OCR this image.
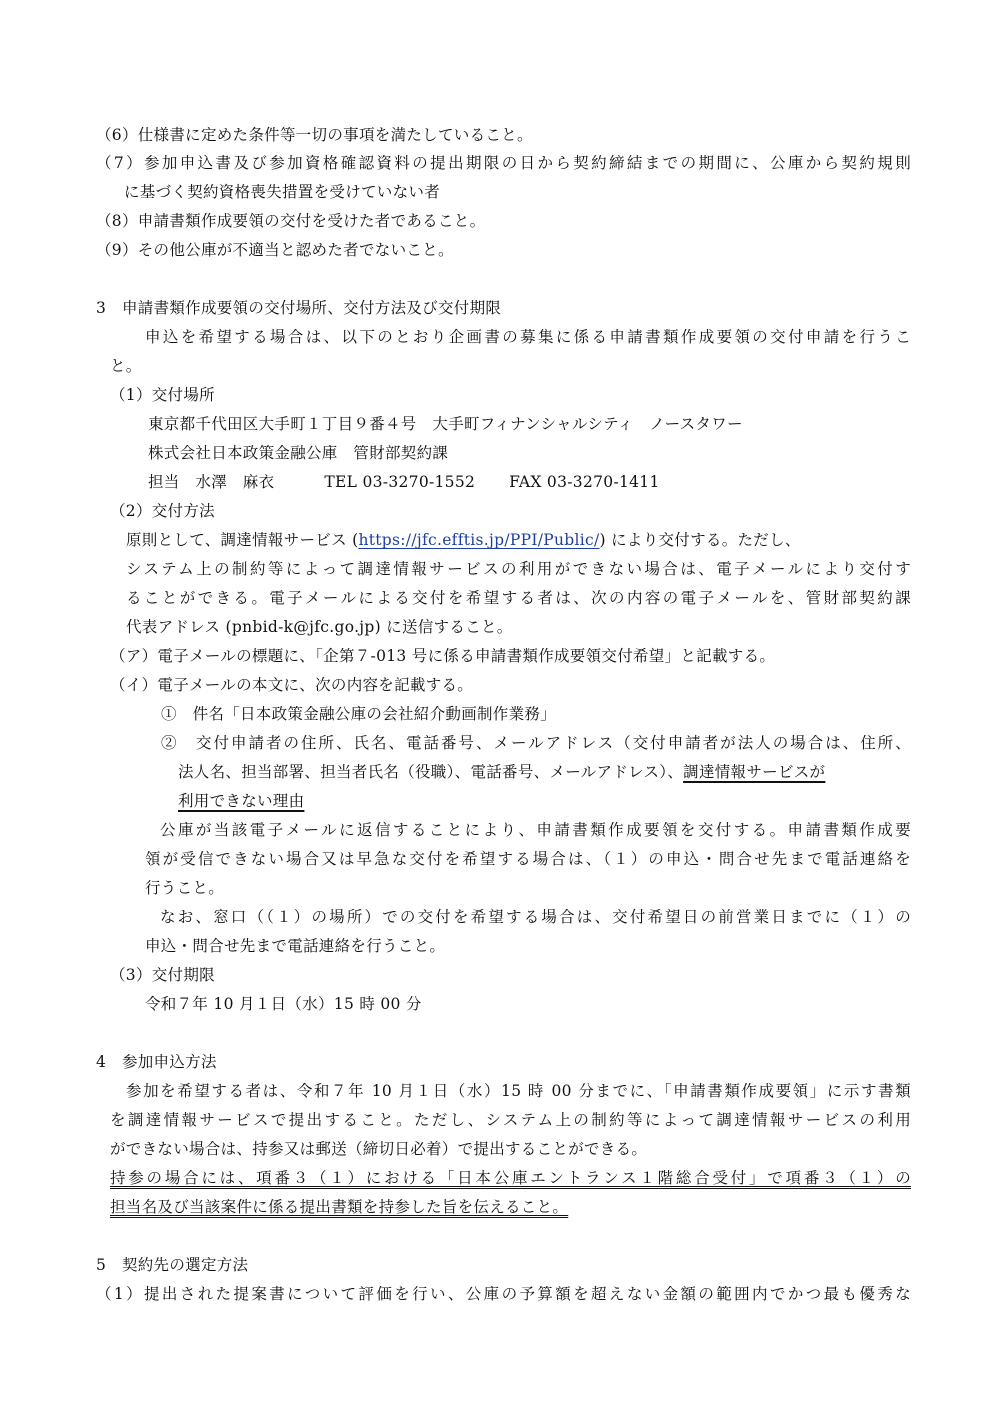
（6）仕様書に定めた条件等一切の事項を満たしていること。
（7）参加申込書及び参加資格確認資料の提出期限の日から契約締結までの期間に、公庫から契約規則
に基づく契約資格喪失措置を受けていない者
（8）申請書類作成要領の交付を受けた者であること。
（9）その他公庫が不適当と認めた者でないこと。
3　申請書類作成要領の交付場所、交付方法及び交付期限
申込を希望する場合は、以下のとおり企画書の募集に係る申請書類作成要領の交付申請を行うこ
と。
（1）交付場所
東京都千代田区大手町１丁目９番４号　大手町フィナンシャルシティ　ノースタワー
株式会社日本政策金融公庫　管財部契約課
担当　水澤　麻衣	TEL 03-3270-1552 FAX 03-3270-1411
（2）交付方法
原則として、調達情報サービス (https://jfc.efftis.jp/PPI/Public/) により交付する。ただし、
システム上の制約等によって調達情報サービスの利用ができない場合は、電子メールにより交付す
ることができる。電子メールによる交付を希望する者は、次の内容の電子メールを、管財部契約課
代表アドレス (pnbid-k@jfc.go.jp) に送信すること。
（ア）電子メールの標題に、「企第７-013 号に係る申請書類作成要領交付希望」と記載する。
（イ）電子メールの本文に、次の内容を記載する。
①　件名「日本政策金融公庫の会社紹介動画制作業務」
②　交付申請者の住所、氏名、電話番号、メールアドレス（交付申請者が法人の場合は、住所、
法人名、担当部署、担当者氏名（役職）、電話番号、メールアドレス）、調達情報サービスが
利用できない理由
公庫が当該電子メールに返信することにより、申請書類作成要領を交付する。申請書類作成要
領が受信できない場合又は早急な交付を希望する場合は、（１）の申込・問合せ先まで電話連絡を
行うこと。
なお、窓口（（１）の場所）での交付を希望する場合は、交付希望日の前営業日までに（１）の
申込・問合せ先まで電話連絡を行うこと。
（3）交付期限
令和７年 10 月１日（水）15 時 00 分
4　参加申込方法
参加を希望する者は、令和７年 10 月１日（水）15 時 00 分までに、「申請書類作成要領」に示す書類
を調達情報サービスで提出すること。ただし、システム上の制約等によって調達情報サービスの利用
ができない場合は、持参又は郵送（締切日必着）で提出することができる。
持参の場合には、項番３（１）における「日本公庫エントランス１階総合受付」で項番３（１）の
担当名及び当該案件に係る提出書類を持参した旨を伝えること。
5　契約先の選定方法
（1）提出された提案書について評価を行い、公庫の予算額を超えない金額の範囲内でかつ最も優秀な
